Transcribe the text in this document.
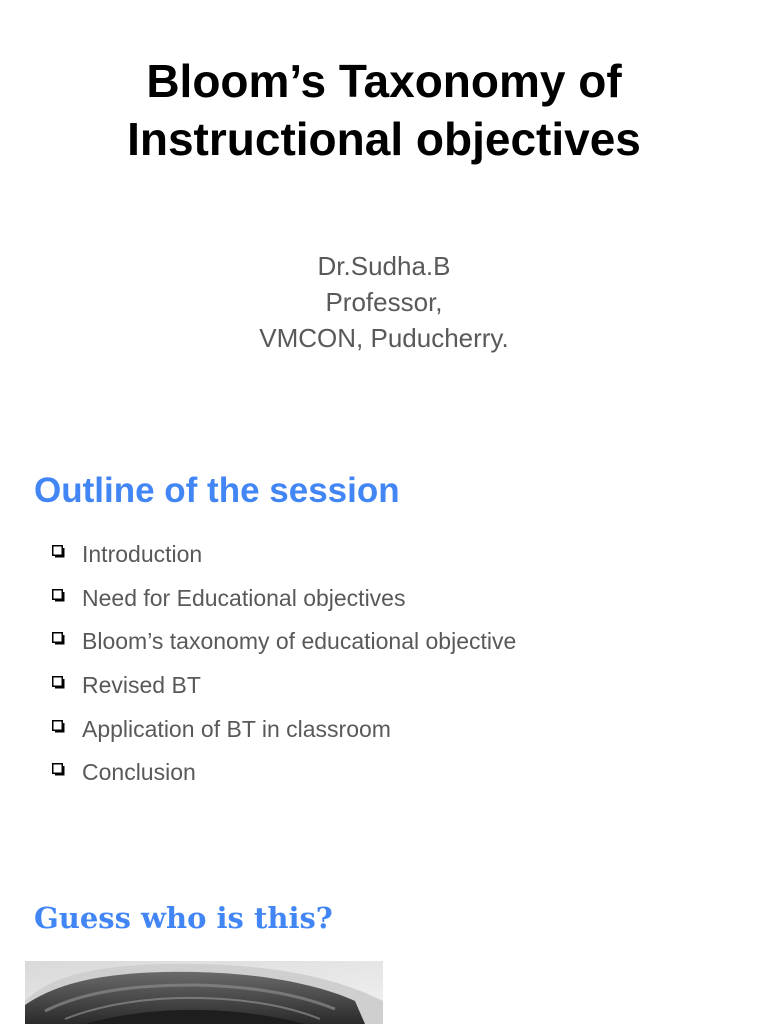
Bloom’s Taxonomy of
Instructional objectives
Dr.Sudha.B
Professor,
VMCON, Puducherry.
Outline of the session
Introduction
Need for Educational objectives
Bloom’s taxonomy of educational objective
Revised BT
Application of BT in classroom
Conclusion
Guess who is this?
